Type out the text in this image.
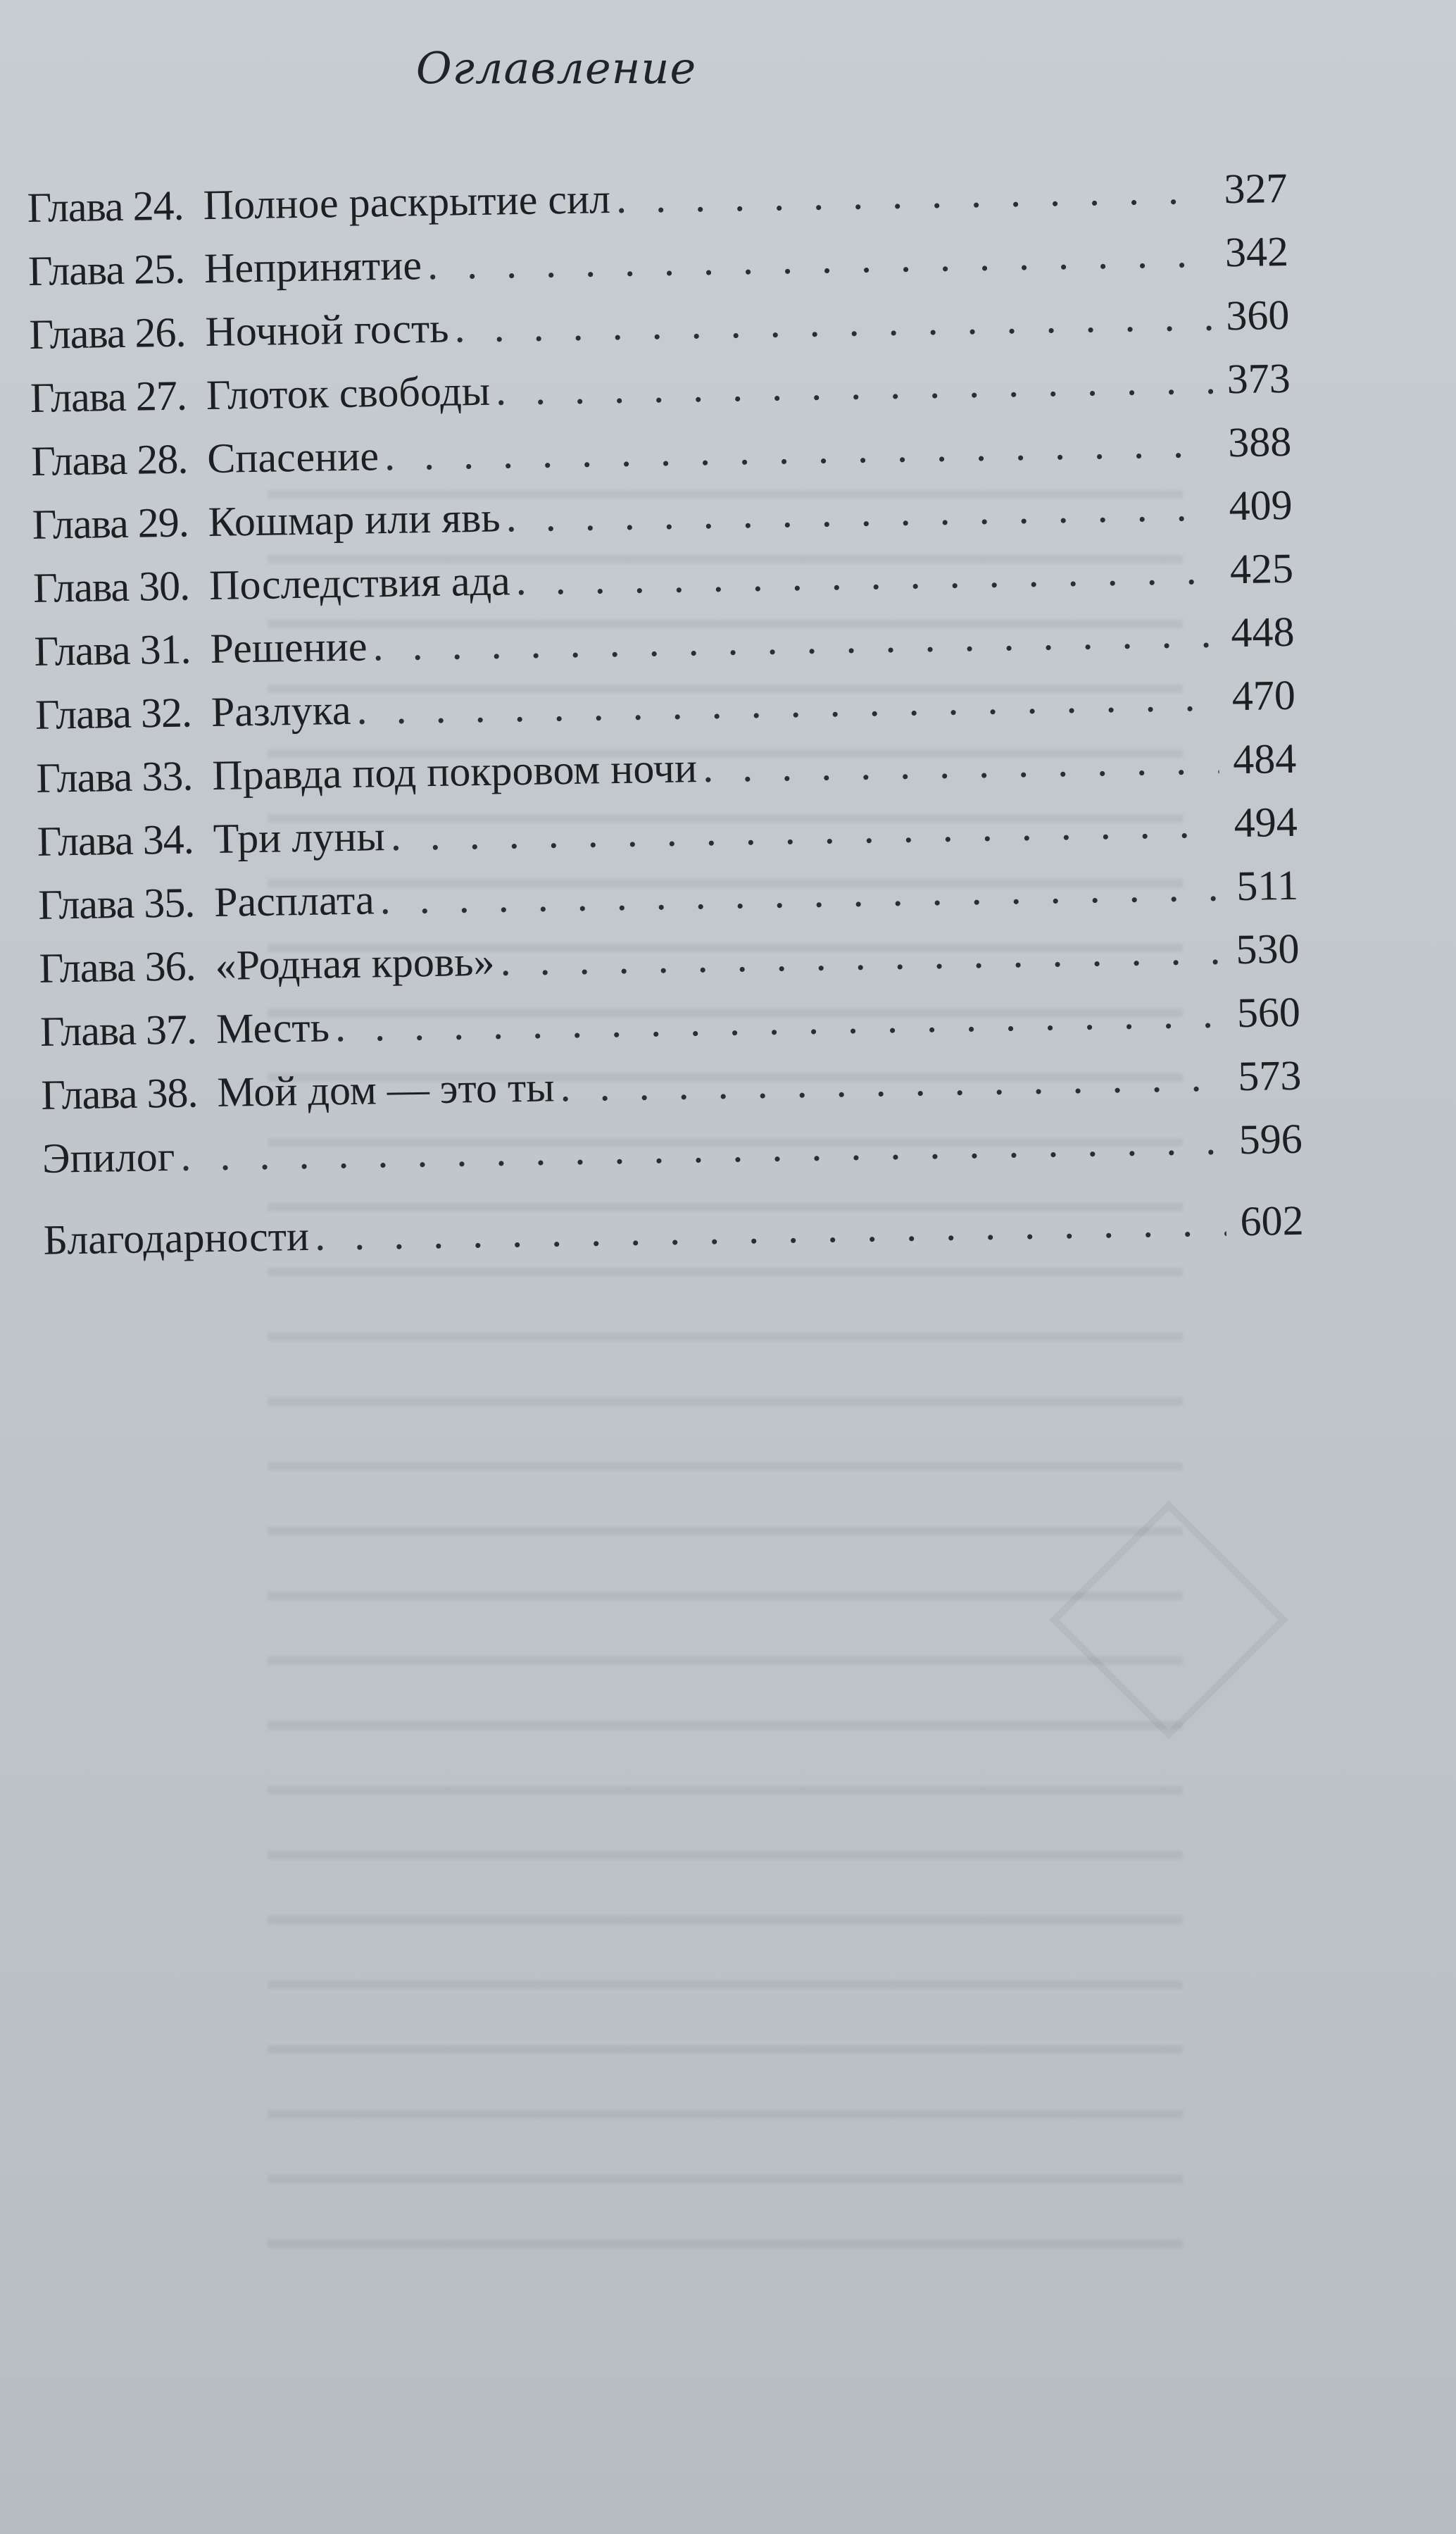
Оглавление
Глава 24. Полное раскрытие сил . . .	327
Глава 25. Непринятие . . .	342
Глава 26. Ночной гость . . .	360
Глава 27. Глоток свободы . . .	373
Глава 28. Спасение . . .	388
Глава 29. Кошмар или явь . . .	409
Глава 30. Последствия ада . . .	425
Глава 31. Решение . . .	448
Глава 32. Разлука . . .	470
Глава 33. Правда под покровом ночи . . .	484
Глава 34. Три луны . . .	494
Глава 35. Расплата . . .	511
Глава 36. «Родная кровь» . . .	530
Глава 37. Месть . . .	560
Глава 38. Мой дом — это ты . . .	573
Эпилог . . .	596
Благодарности . . .	602
